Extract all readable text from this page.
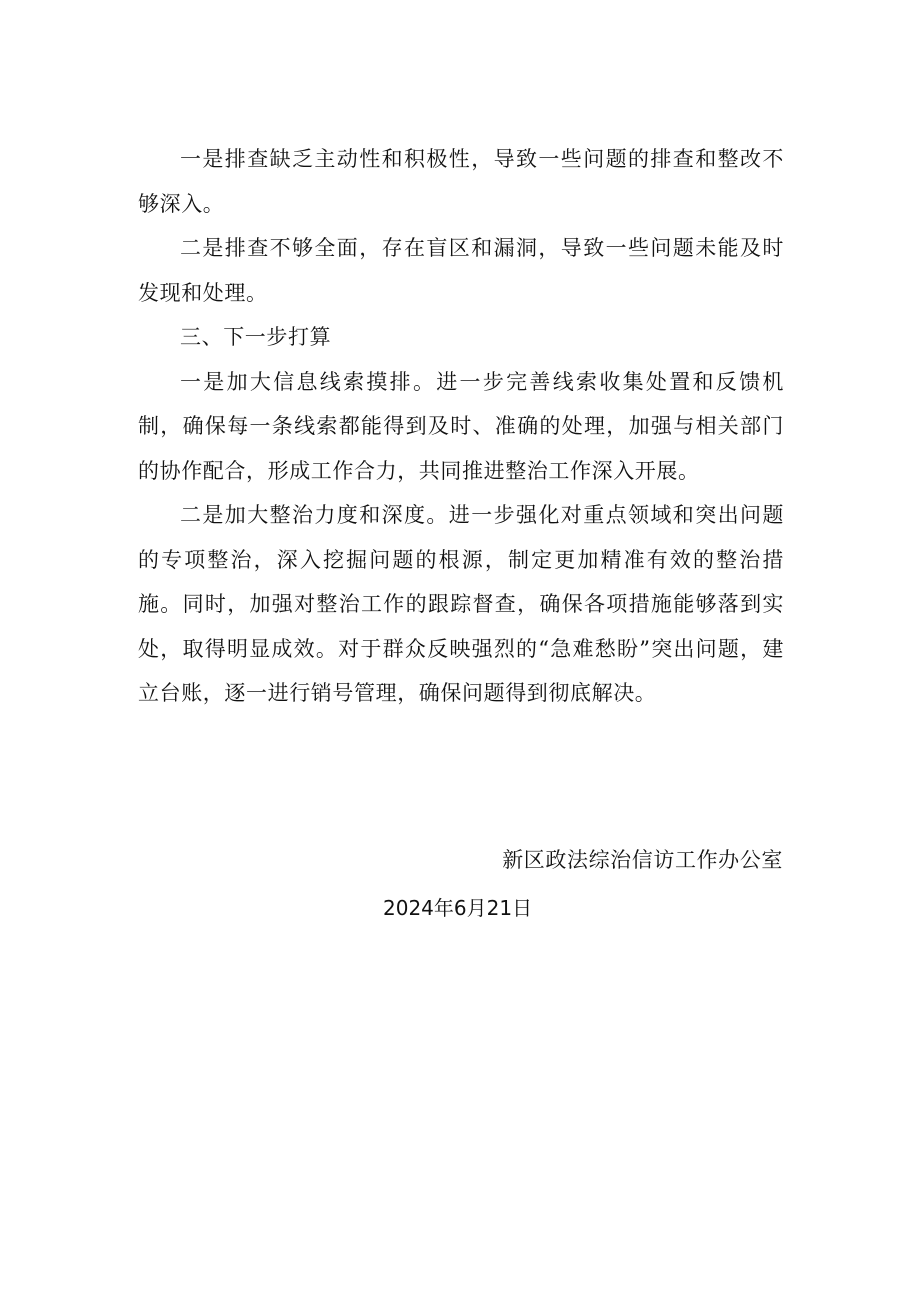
一是排查缺乏主动性和积极性，导致一些问题的排查和整改不够深入。

二是排查不够全面，存在盲区和漏洞，导致一些问题未能及时发现和处理。

三、下一步打算

一是加大信息线索摸排。进一步完善线索收集处置和反馈机制，确保每一条线索都能得到及时、准确的处理，加强与相关部门的协作配合，形成工作合力，共同推进整治工作深入开展。

二是加大整治力度和深度。进一步强化对重点领域和突出问题的专项整治，深入挖掘问题的根源，制定更加精准有效的整治措施。同时，加强对整治工作的跟踪督查，确保各项措施能够落到实处，取得明显成效。对于群众反映强烈的“急难愁盼”突出问题，建立台账，逐一进行销号管理，确保问题得到彻底解决。

新区政法综治信访工作办公室
2024年6月21日
